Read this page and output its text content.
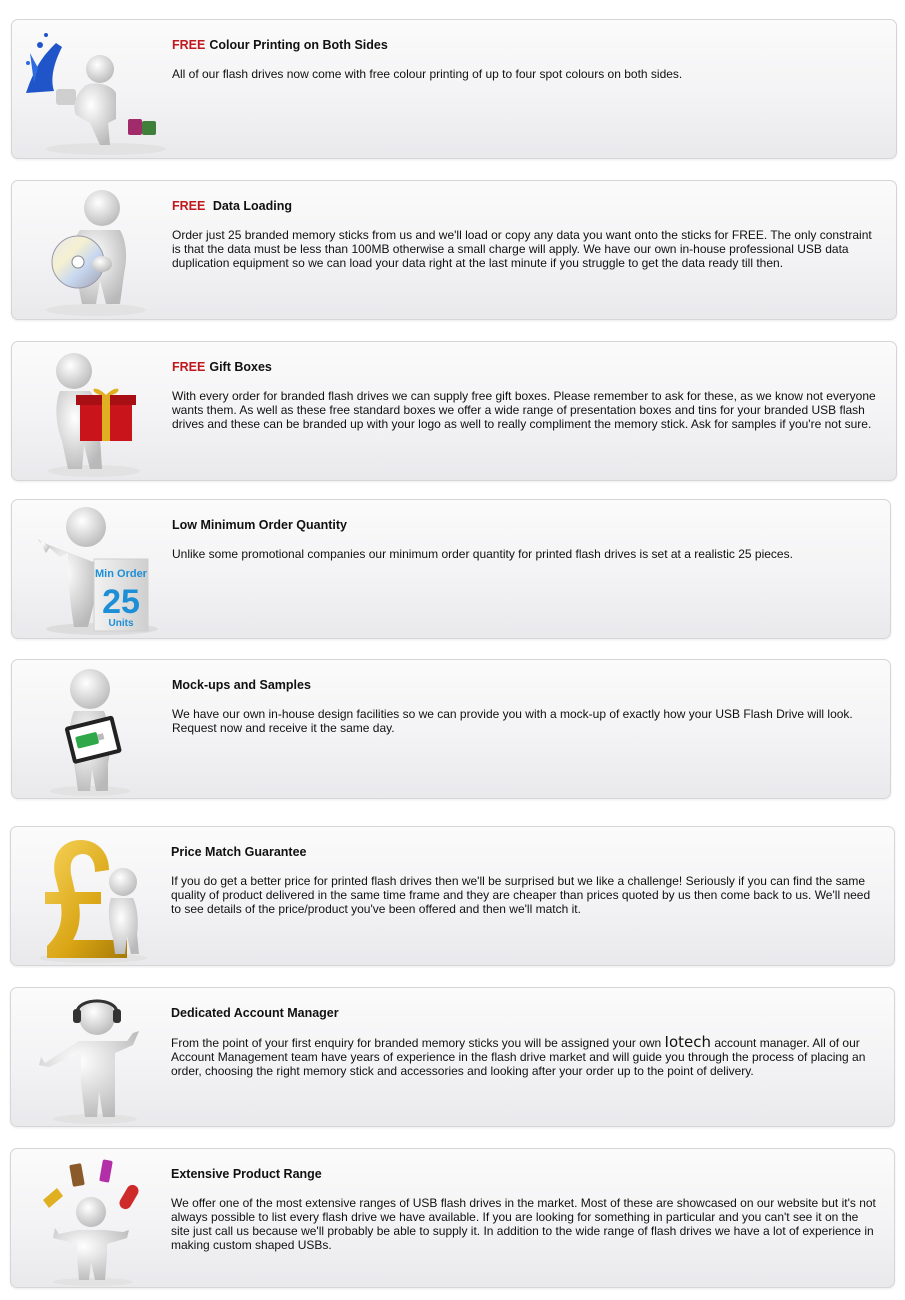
FREE Colour Printing on Both Sides
All of our flash drives now come with free colour printing of up to four spot colours on both sides.
FREE Data Loading
Order just 25 branded memory sticks from us and we'll load or copy any data you want onto the sticks for FREE. The only constraint is that the data must be less than 100MB otherwise a small charge will apply. We have our own in-house professional USB data duplication equipment so we can load your data right at the last minute if you struggle to get the data ready till then.
FREE Gift Boxes
With every order for branded flash drives we can supply free gift boxes. Please remember to ask for these, as we know not everyone wants them. As well as these free standard boxes we offer a wide range of presentation boxes and tins for your branded USB flash drives and these can be branded up with your logo as well to really compliment the memory stick. Ask for samples if you're not sure.
Min Order
25
Units
Low Minimum Order Quantity
Unlike some promotional companies our minimum order quantity for printed flash drives is set at a realistic 25 pieces.
Mock-ups and Samples
We have our own in-house design facilities so we can provide you with a mock-up of exactly how your USB Flash Drive will look. Request now and receive it the same day.
Price Match Guarantee
If you do get a better price for printed flash drives then we'll be surprised but we like a challenge! Seriously if you can find the same quality of product delivered in the same time frame and they are cheaper than prices quoted by us then come back to us. We'll need to see details of the price/product you've been offered and then we'll match it.
Dedicated Account Manager
From the point of your first enquiry for branded memory sticks you will be assigned your own Iotech account manager. All of our Account Management team have years of experience in the flash drive market and will guide you through the process of placing an order, choosing the right memory stick and accessories and looking after your order up to the point of delivery.
Extensive Product Range
We offer one of the most extensive ranges of USB flash drives in the market. Most of these are showcased on our website but it's not always possible to list every flash drive we have available. If you are looking for something in particular and you can't see it on the site just call us because we'll probably be able to supply it. In addition to the wide range of flash drives we have a lot of experience in making custom shaped USBs.
